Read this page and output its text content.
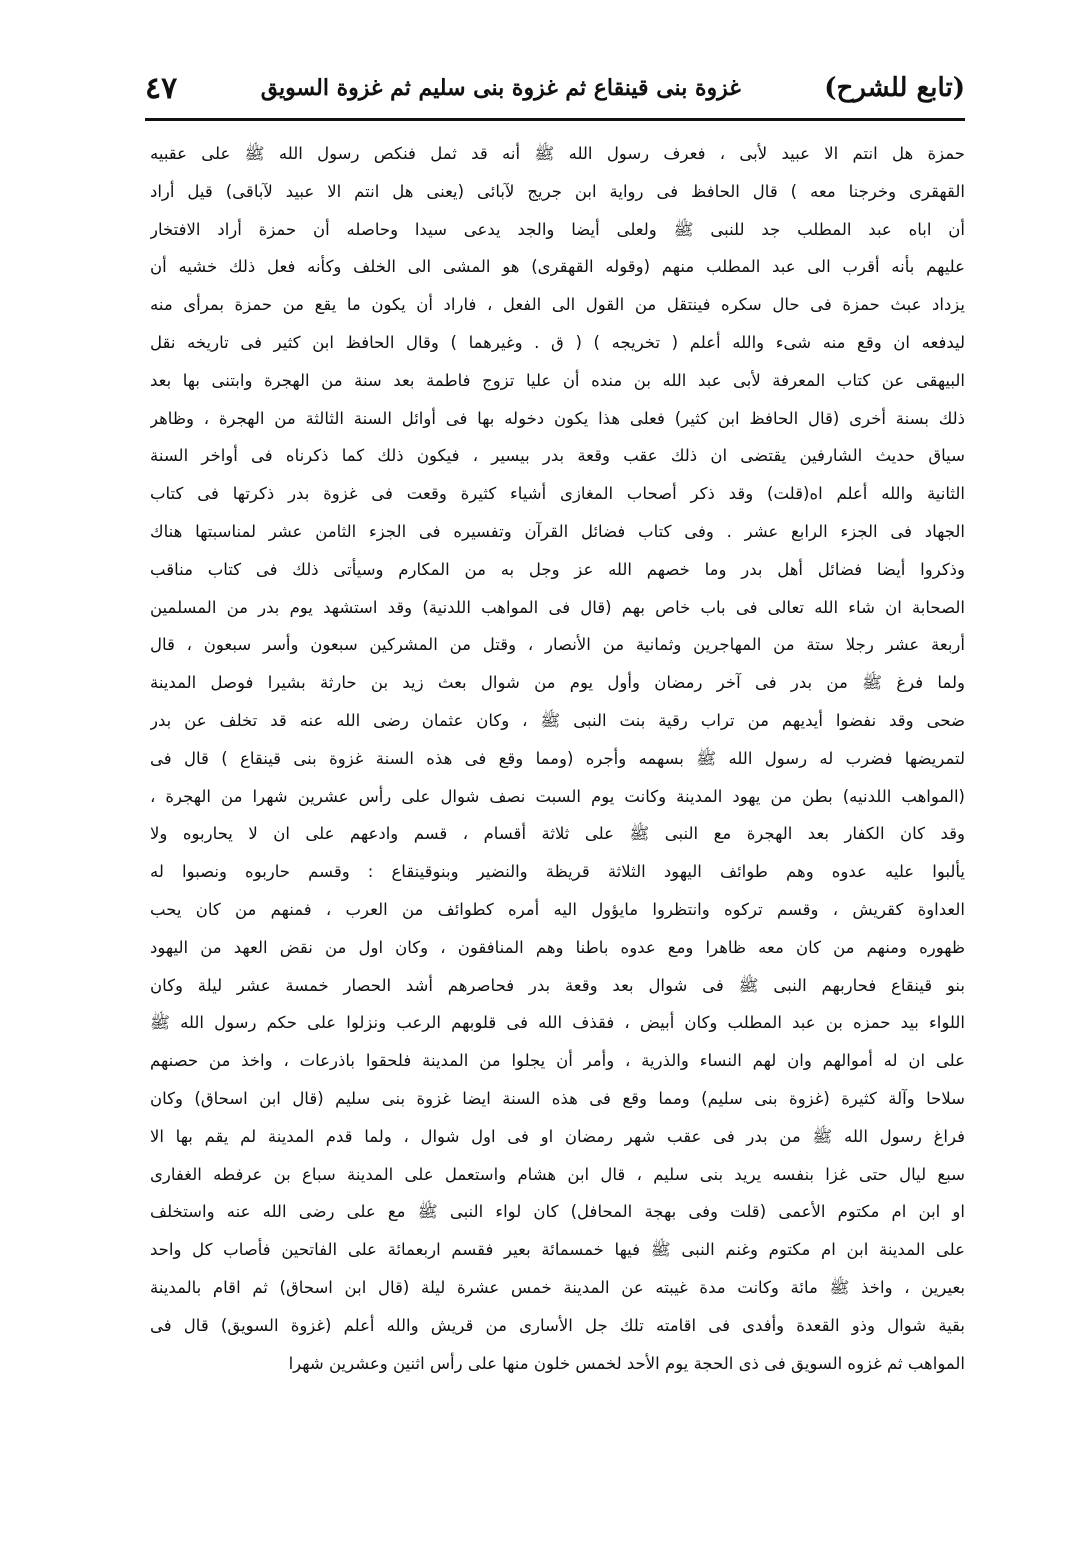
(تابع للشرح)
غزوة بنى قينقاع ثم غزوة بنى سليم ثم غزوة السويق
٤٧
حمزة هل انتم الا عبيد لأبى ، فعرف رسول الله ﷺ أنه قد ثمل فنكص رسول الله ﷺ على عقبيه
القهقرى وخرجنا معه ) قال الحافظ فى رواية ابن جريج لآبائى (يعنى هل انتم الا عبيد لآباقى) قيل أراد
أن اباه عبد المطلب جد للنبى ﷺ ولعلى أيضا والجد يدعى سيدا وحاصله أن حمزة أراد الافتخار
عليهم بأنه أقرب الى عبد المطلب منهم (وقوله القهقرى) هو المشى الى الخلف وكأنه فعل ذلك خشيه أن
يزداد عبث حمزة فى حال سكره فينتقل من القول الى الفعل ، فاراد أن يكون ما يقع من حمزة بمرأى منه
ليدفعه ان وقع منه شىء والله أعلم ( تخريجه ) ( ق . وغيرهما ) وقال الحافظ ابن كثير فى تاريخه نقل
البيهقى عن كتاب المعرفة لأبى عبد الله بن منده أن عليا تزوج فاطمة بعد سنة من الهجرة وابتنى بها بعد
ذلك بسنة أخرى (قال الحافظ ابن كثير) فعلى هذا يكون دخوله بها فى أوائل السنة الثالثة من الهجرة ، وظاهر
سياق حديث الشارفين يقتضى ان ذلك عقب وقعة بدر بيسير ، فيكون ذلك كما ذكرناه فى أواخر السنة
الثانية والله أعلم اه(قلت) وقد ذكر أصحاب المغازى أشياء كثيرة وقعت فى غزوة بدر ذكرتها فى كتاب
الجهاد فى الجزء الرابع عشر . وفى كتاب فضائل القرآن وتفسيره فى الجزء الثامن عشر لمناسبتها هناك
وذكروا أيضا فضائل أهل بدر وما خصهم الله عز وجل به من المكارم وسيأتى ذلك فى كتاب مناقب
الصحابة ان شاء الله تعالى فى باب خاص بهم (قال فى المواهب اللدنية) وقد استشهد يوم بدر من المسلمين
أربعة عشر رجلا ستة من المهاجرين وثمانية من الأنصار ، وقتل من المشركين سبعون وأسر سبعون ، قال
ولما فرغ ﷺ من بدر فى آخر رمضان وأول يوم من شوال بعث زيد بن حارثة بشيرا فوصل المدينة
ضحى وقد نفضوا أيديهم من تراب رقية بنت النبى ﷺ ، وكان عثمان رضى الله عنه قد تخلف عن بدر
لتمريضها فضرب له رسول الله ﷺ بسهمه وأجره (ومما وقع فى هذه السنة غزوة بنى قينقاع ) قال فى
(المواهب اللدنيه) بطن من يهود المدينة وكانت يوم السبت نصف شوال على رأس عشرين شهرا من الهجرة ،
وقد كان الكفار بعد الهجرة مع النبى ﷺ على ثلاثة أقسام ، قسم وادعهم على ان لا يحاربوه ولا
يألبوا عليه عدوه وهم طوائف اليهود الثلاثة قريظة والنضير وبنوقينقاع : وقسم حاربوه ونصبوا له
العداوة كقريش ، وقسم تركوه وانتظروا مايؤول اليه أمره كطوائف من العرب ، فمنهم من كان يحب
ظهوره ومنهم من كان معه ظاهرا ومع عدوه باطنا وهم المنافقون ، وكان اول من نقض العهد من اليهود
بنو قينقاع فحاربهم النبى ﷺ فى شوال بعد وقعة بدر فحاصرهم أشد الحصار خمسة عشر ليلة وكان
اللواء بيد حمزه بن عبد المطلب وكان أبيض ، فقذف الله فى قلوبهم الرعب ونزلوا على حكم رسول الله ﷺ
على ان له أموالهم وان لهم النساء والذرية ، وأمر أن يجلوا من المدينة فلحقوا باذرعات ، واخذ من حصنهم
سلاحا وآلة كثيرة (غزوة بنى سليم) ومما وقع فى هذه السنة ايضا غزوة بنى سليم (قال ابن اسحاق) وكان
فراغ رسول الله ﷺ من بدر فى عقب شهر رمضان او فى اول شوال ، ولما قدم المدينة لم يقم بها الا
سبع ليال حتى غزا بنفسه يريد بنى سليم ، قال ابن هشام واستعمل على المدينة سباع بن عرفطه الغفارى
او ابن ام مكتوم الأعمى (قلت وفى بهجة المحافل) كان لواء النبى ﷺ مع على رضى الله عنه واستخلف
على المدينة ابن ام مكتوم وغنم النبى ﷺ فيها خمسمائة بعير فقسم اربعمائة على الفاتحين فأصاب كل واحد
بعيرين ، واخذ ﷺ مائة وكانت مدة غيبته عن المدينة خمس عشرة ليلة (قال ابن اسحاق) ثم اقام بالمدينة
بقية شوال وذو القعدة وأفدى فى اقامته تلك جل الأسارى من قريش والله أعلم (غزوة السويق) قال فى
المواهب ثم غزوه السويق فى ذى الحجة يوم الأحد لخمس خلون منها على رأس اثنين وعشرين شهرا
